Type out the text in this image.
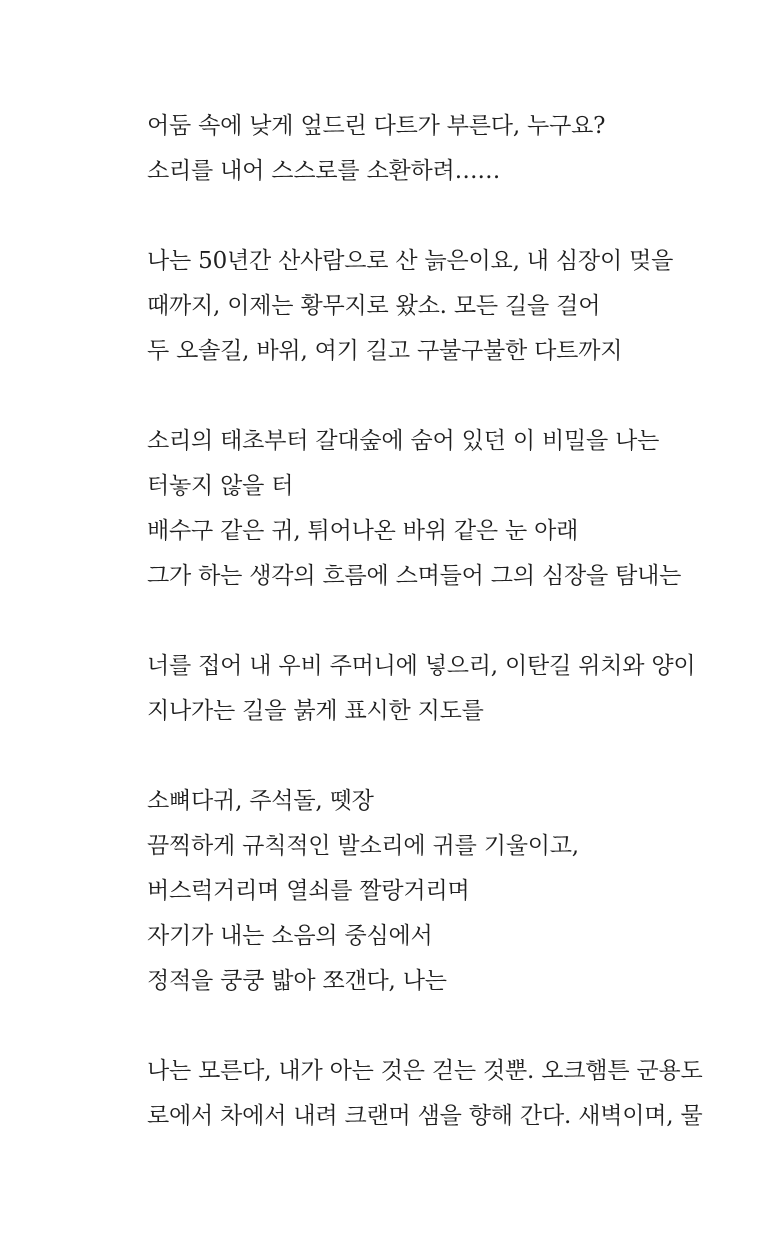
어둠 속에 낮게 엎드린 다트가 부른다, 누구요?
소리를 내어 스스로를 소환하려……
나는 50년간 산사람으로 산 늙은이요, 내 심장이 멎을
때까지, 이제는 황무지로 왔소. 모든 길을 걸어
두 오솔길, 바위, 여기 길고 구불구불한 다트까지
소리의 태초부터 갈대숲에 숨어 있던 이 비밀을 나는
터놓지 않을 터
배수구 같은 귀, 튀어나온 바위 같은 눈 아래
그가 하는 생각의 흐름에 스며들어 그의 심장을 탐내는
너를 접어 내 우비 주머니에 넣으리, 이탄길 위치와 양이
지나가는 길을 붉게 표시한 지도를
소뼈다귀, 주석돌, 뗏장
끔찍하게 규칙적인 발소리에 귀를 기울이고,
버스럭거리며 열쇠를 짤랑거리며
자기가 내는 소음의 중심에서
정적을 쿵쿵 밟아 쪼갠다, 나는
나는 모른다, 내가 아는 것은 걷는 것뿐. 오크햄튼 군용도
로에서 차에서 내려 크랜머 샘을 향해 간다. 새벽이며, 물
